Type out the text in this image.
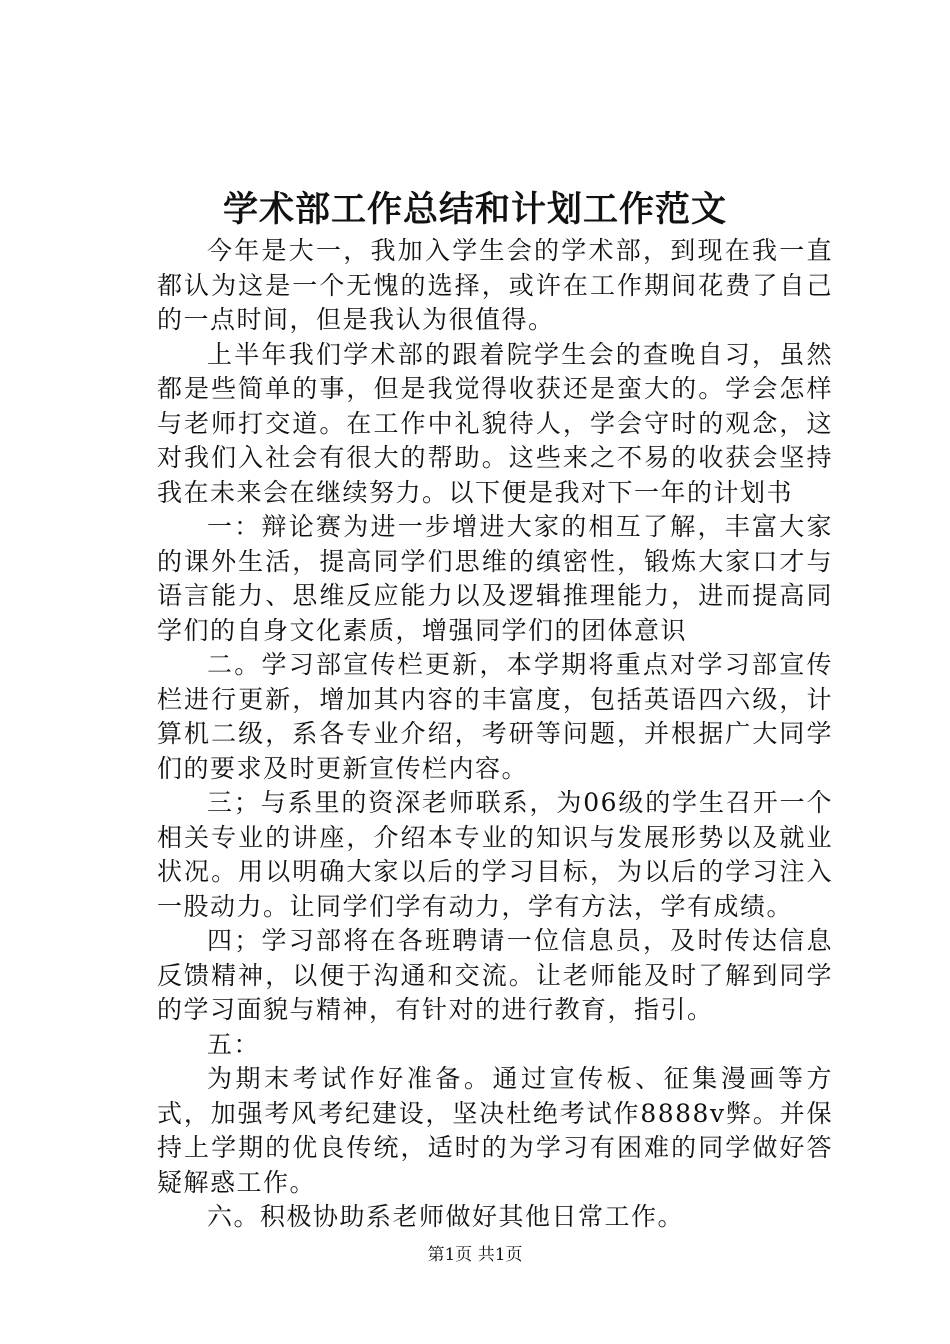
学术部工作总结和计划工作范文

今年是大一，我加入学生会的学术部，到现在我一直都认为这是一个无愧的选择，或许在工作期间花费了自己的一点时间，但是我认为很值得。

上半年我们学术部的跟着院学生会的查晚自习，虽然都是些简单的事，但是我觉得收获还是蛮大的。学会怎样与老师打交道。在工作中礼貌待人，学会守时的观念，这对我们入社会有很大的帮助。这些来之不易的收获会坚持我在未来会在继续努力。以下便是我对下一年的计划书

一：辩论赛为进一步增进大家的相互了解，丰富大家的课外生活，提高同学们思维的缜密性，锻炼大家口才与语言能力、思维反应能力以及逻辑推理能力，进而提高同学们的自身文化素质，增强同学们的团体意识

二。学习部宣传栏更新，本学期将重点对学习部宣传栏进行更新，增加其内容的丰富度，包括英语四六级，计算机二级，系各专业介绍，考研等问题，并根据广大同学们的要求及时更新宣传栏内容。

三；与系里的资深老师联系，为06级的学生召开一个相关专业的讲座，介绍本专业的知识与发展形势以及就业状况。用以明确大家以后的学习目标，为以后的学习注入一股动力。让同学们学有动力，学有方法，学有成绩。

四；学习部将在各班聘请一位信息员，及时传达信息反馈精神，以便于沟通和交流。让老师能及时了解到同学的学习面貌与精神，有针对的进行教育，指引。

五：

为期末考试作好准备。通过宣传板、征集漫画等方式，加强考风考纪建设，坚决杜绝考试作8888v弊。并保持上学期的优良传统，适时的为学习有困难的同学做好答疑解惑工作。

六。积极协助系老师做好其他日常工作。

第1页 共1页
